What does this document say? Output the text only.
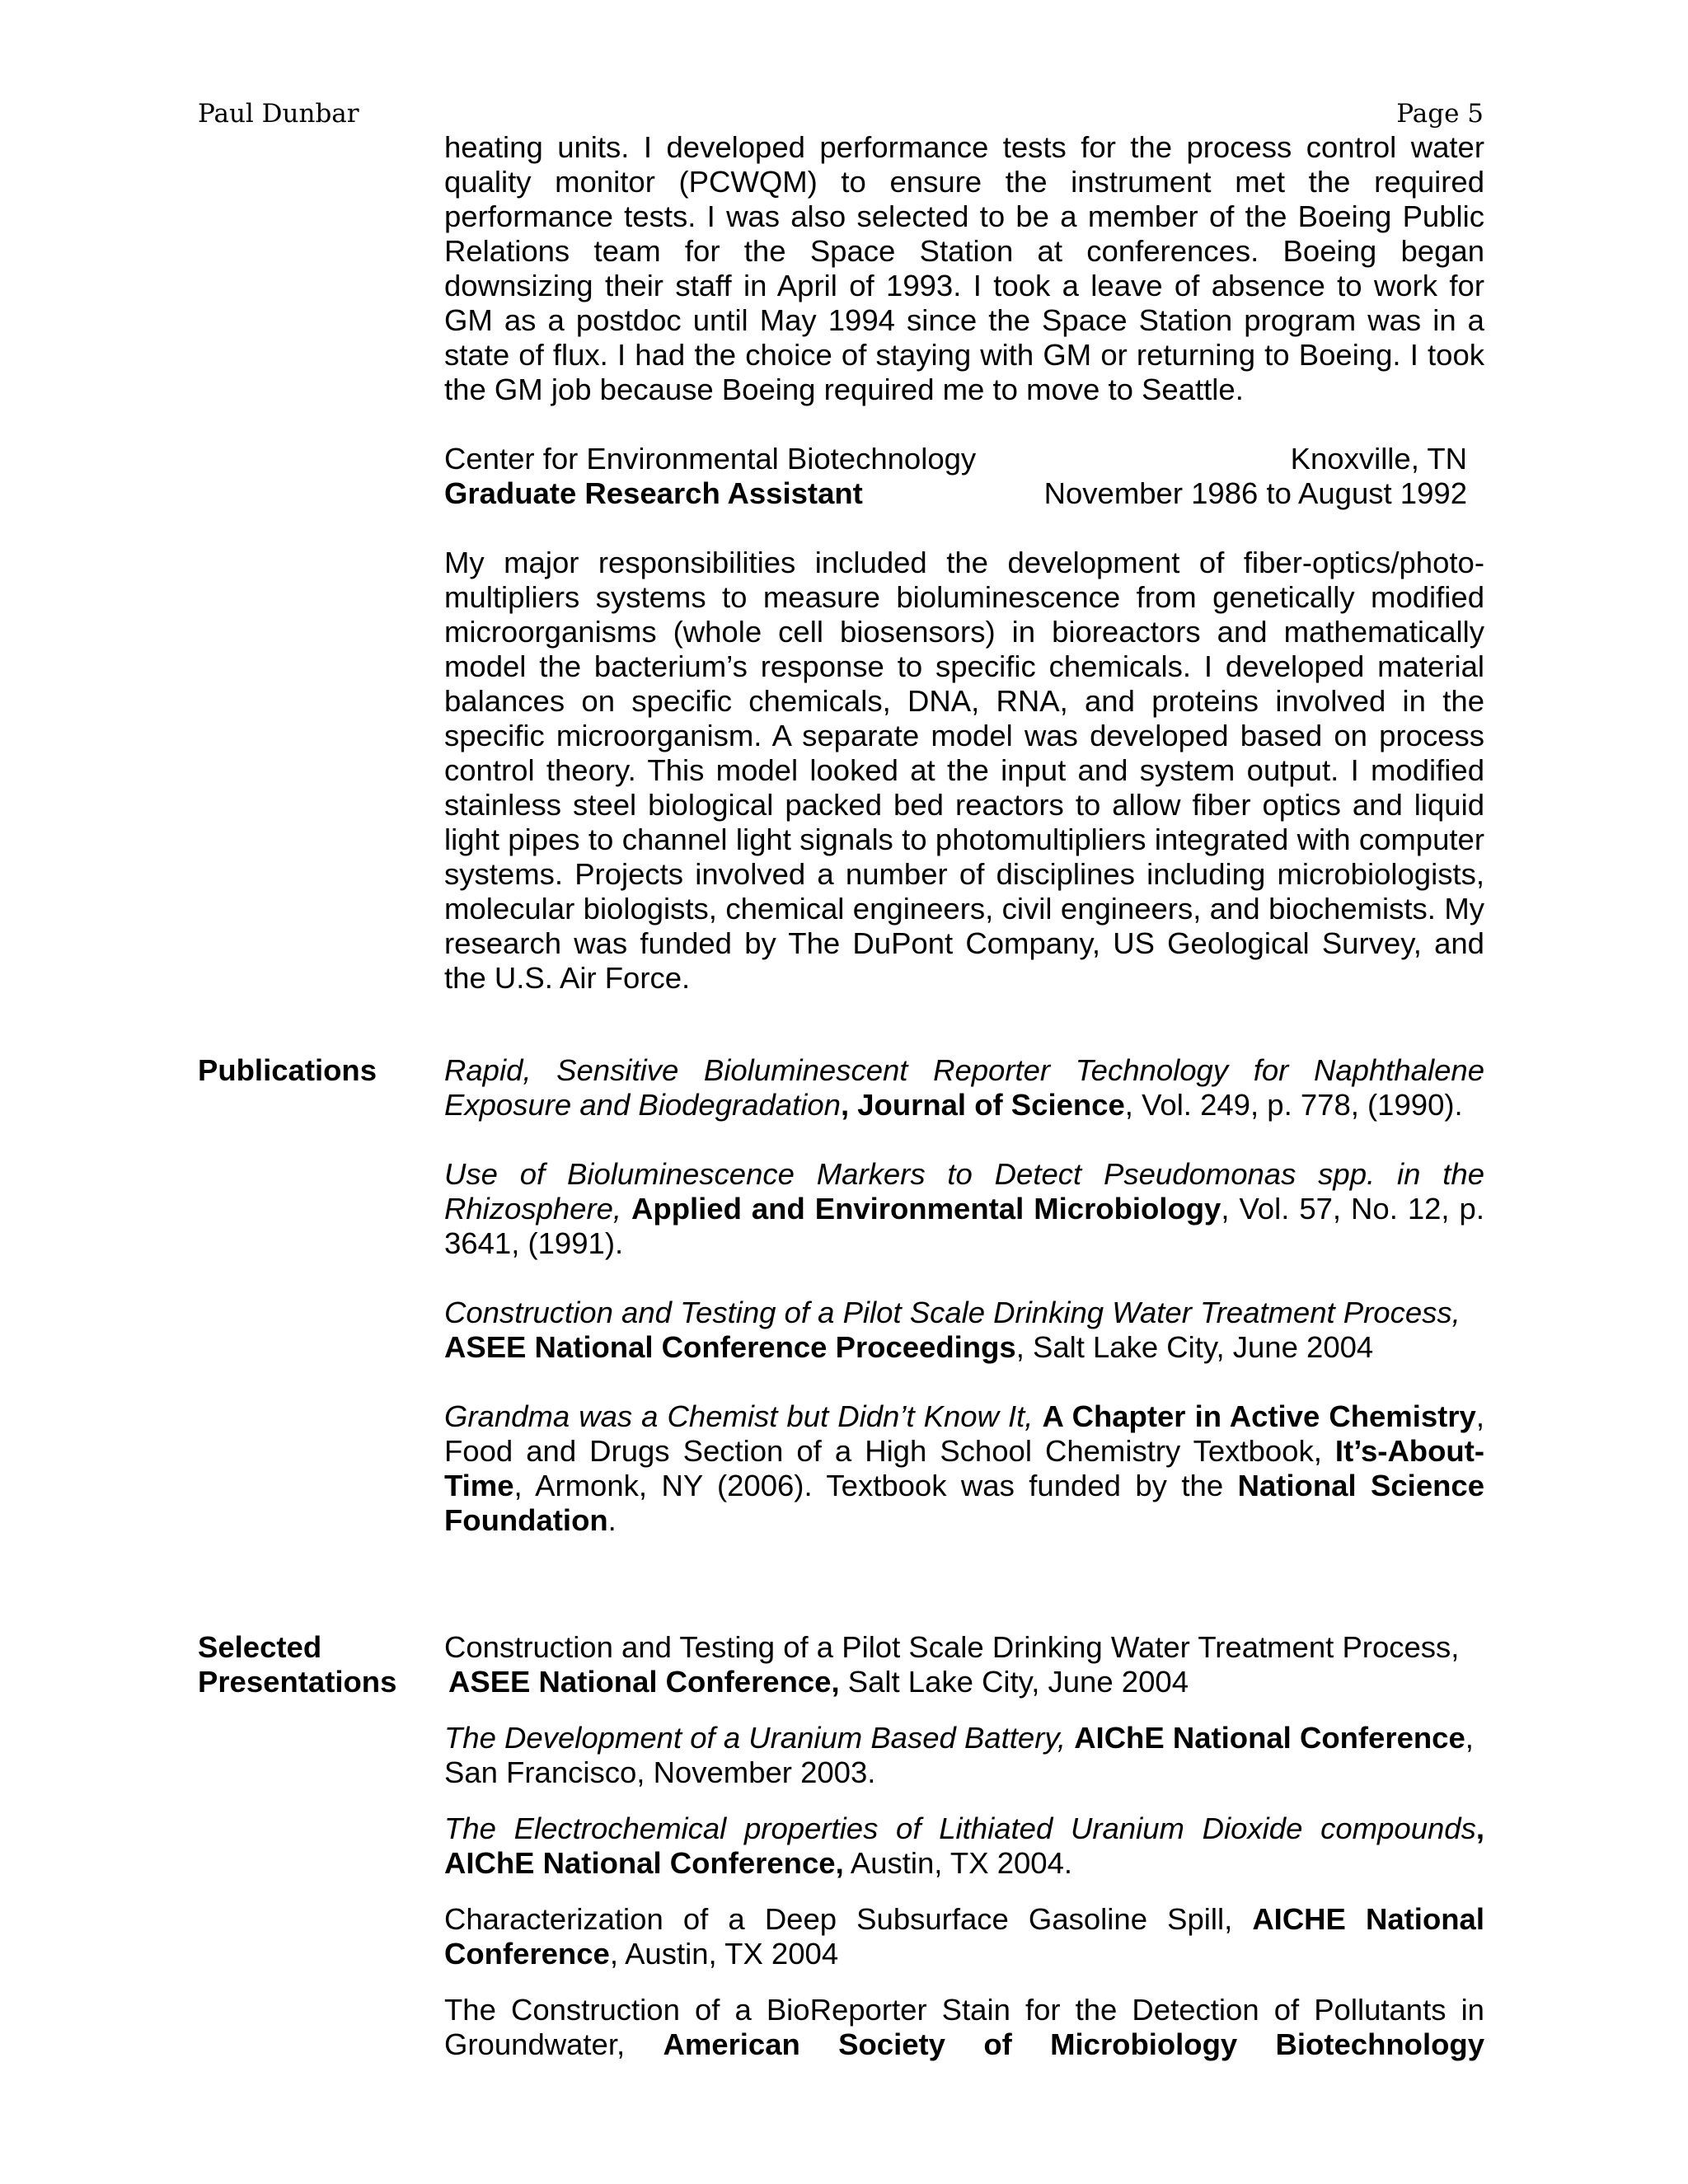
Paul Dunbar	Page 5
heating units. I developed performance tests for the process control water quality monitor (PCWQM) to ensure the instrument met the required performance tests. I was also selected to be a member of the Boeing Public Relations team for the Space Station at conferences. Boeing began downsizing their staff in April of 1993. I took a leave of absence to work for GM as a postdoc until May 1994 since the Space Station program was in a state of flux. I had the choice of staying with GM or returning to Boeing. I took the GM job because Boeing required me to move to Seattle.
Center for Environmental Biotechnology	Knoxville, TN
Graduate Research Assistant	November 1986 to August 1992
My major responsibilities included the development of fiber-optics/photo-multipliers systems to measure bioluminescence from genetically modified microorganisms (whole cell biosensors) in bioreactors and mathematically model the bacterium’s response to specific chemicals. I developed material balances on specific chemicals, DNA, RNA, and proteins involved in the specific microorganism. A separate model was developed based on process control theory. This model looked at the input and system output. I modified stainless steel biological packed bed reactors to allow fiber optics and liquid light pipes to channel light signals to photomultipliers integrated with computer systems. Projects involved a number of disciplines including microbiologists, molecular biologists, chemical engineers, civil engineers, and biochemists. My research was funded by The DuPont Company, US Geological Survey, and the U.S. Air Force.
Publications Rapid, Sensitive Bioluminescent Reporter Technology for Naphthalene Exposure and Biodegradation, Journal of Science, Vol. 249, p. 778, (1990).
Use of Bioluminescence Markers to Detect Pseudomonas spp. in the Rhizosphere, Applied and Environmental Microbiology, Vol. 57, No. 12, p. 3641, (1991).
Construction and Testing of a Pilot Scale Drinking Water Treatment Process, ASEE National Conference Proceedings, Salt Lake City, June 2004
Grandma was a Chemist but Didn’t Know It, A Chapter in Active Chemistry, Food and Drugs Section of a High School Chemistry Textbook, It’s-About-Time, Armonk, NY (2006). Textbook was funded by the National Science Foundation.
Selected
Presentations
Construction and Testing of a Pilot Scale Drinking Water Treatment Process,
ASEE National Conference, Salt Lake City, June 2004
The Development of a Uranium Based Battery, AIChE National Conference, San Francisco, November 2003.
The Electrochemical properties of Lithiated Uranium Dioxide compounds, AIChE National Conference, Austin, TX 2004.
Characterization of a Deep Subsurface Gasoline Spill, AICHE National Conference, Austin, TX 2004
The Construction of a BioReporter Stain for the Detection of Pollutants in Groundwater, American Society of Microbiology Biotechnology
